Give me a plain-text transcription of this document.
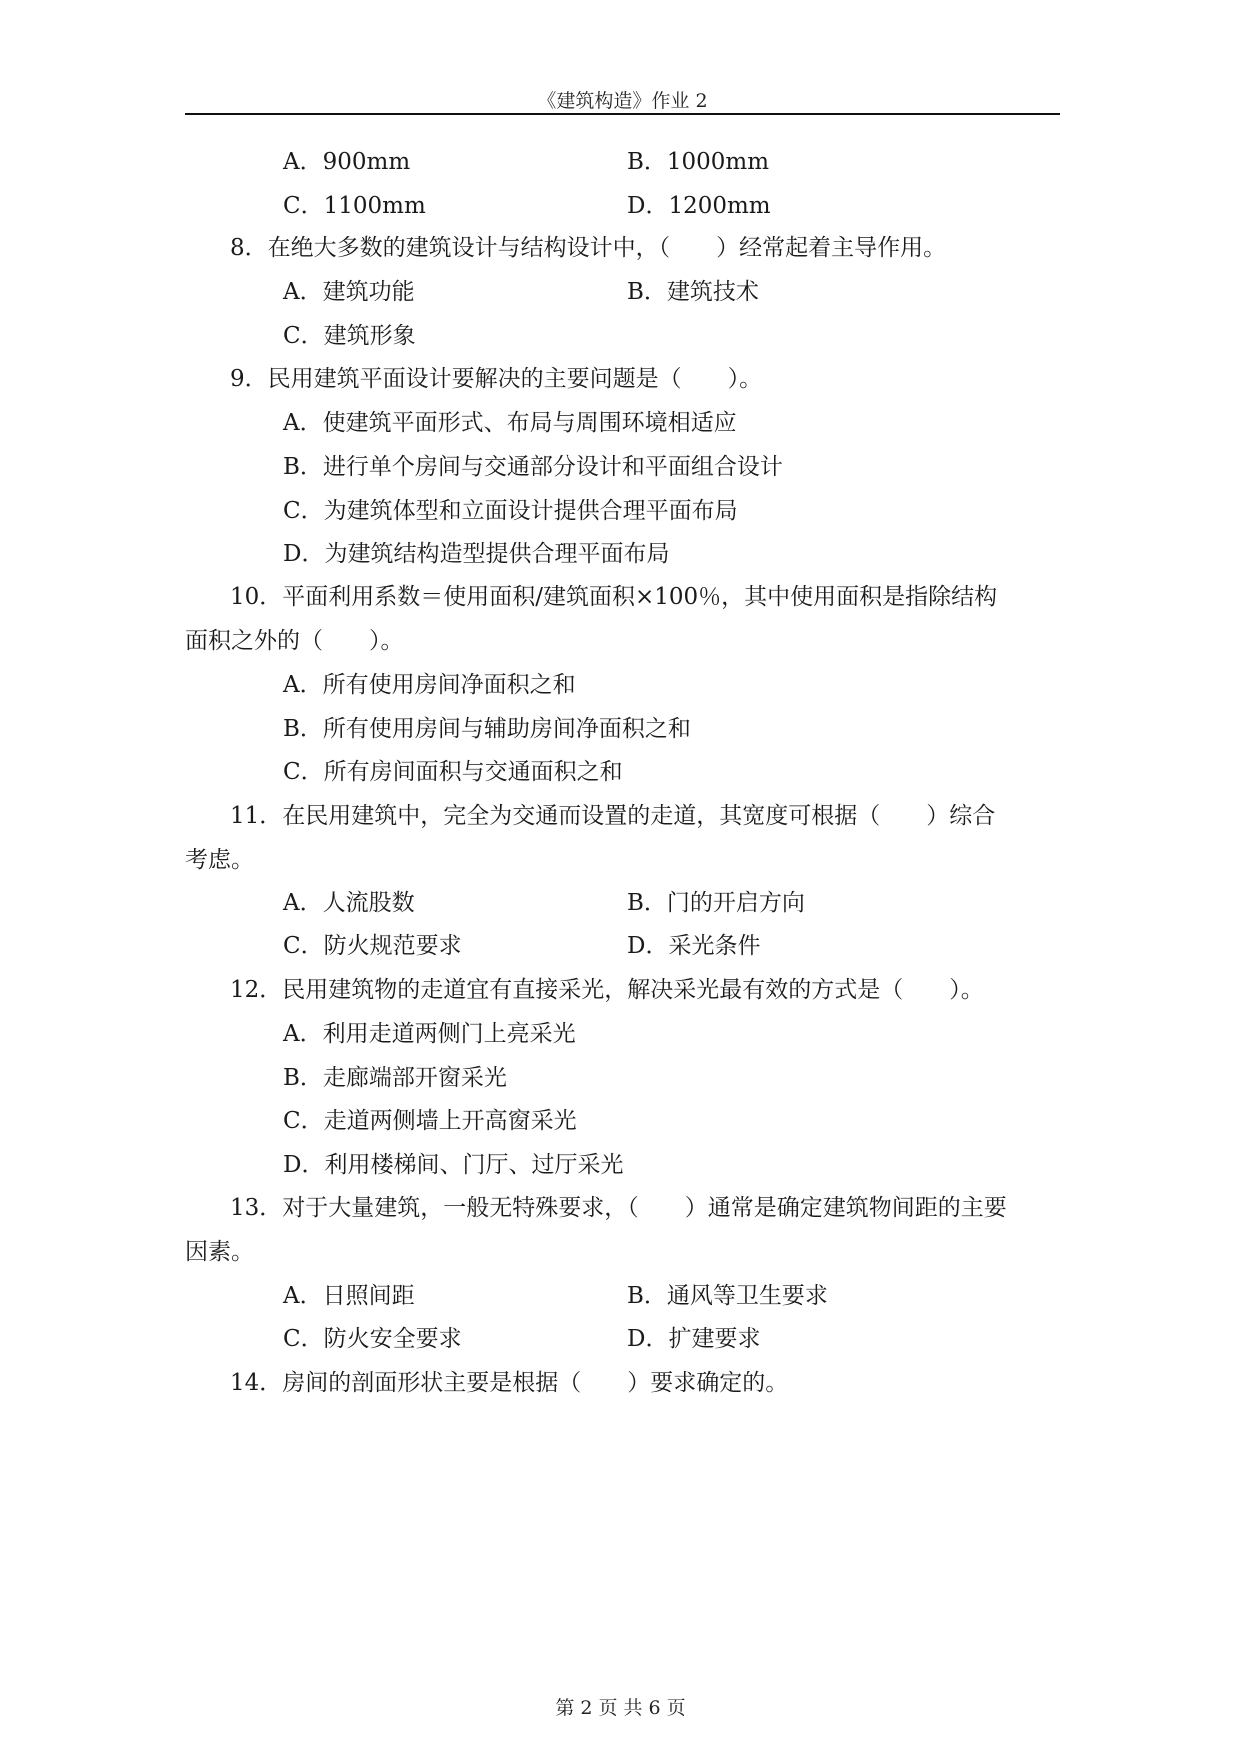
《建筑构造》作业 2
A．900mm	B．1000mm
C．1100mm	D．1200mm
8．在绝大多数的建筑设计与结构设计中，（　　）经常起着主导作用。
A．建筑功能	B．建筑技术
C．建筑形象
9．民用建筑平面设计要解决的主要问题是（　　）。
A．使建筑平面形式、布局与周围环境相适应
B．进行单个房间与交通部分设计和平面组合设计
C．为建筑体型和立面设计提供合理平面布局
D．为建筑结构造型提供合理平面布局
10．平面利用系数＝使用面积/建筑面积×100％，其中使用面积是指除结构
面积之外的（　　）。
A．所有使用房间净面积之和
B．所有使用房间与辅助房间净面积之和
C．所有房间面积与交通面积之和
11．在民用建筑中，完全为交通而设置的走道，其宽度可根据（　　）综合
考虑。
A．人流股数	B．门的开启方向
C．防火规范要求	D．采光条件
12．民用建筑物的走道宜有直接采光，解决采光最有效的方式是（　　）。
A．利用走道两侧门上亮采光
B．走廊端部开窗采光
C．走道两侧墙上开高窗采光
D．利用楼梯间、门厅、过厅采光
13．对于大量建筑，一般无特殊要求，（　　）通常是确定建筑物间距的主要
因素。
A．日照间距	B．通风等卫生要求
C．防火安全要求	D．扩建要求
14．房间的剖面形状主要是根据（　　）要求确定的。
第 2 页 共 6 页
